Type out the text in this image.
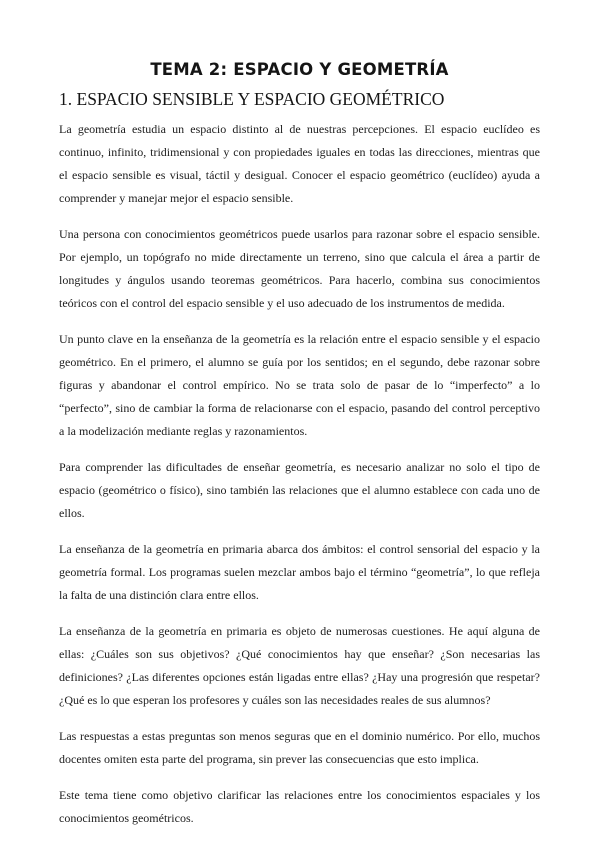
TEMA 2: ESPACIO Y GEOMETRÍA
1. ESPACIO SENSIBLE Y ESPACIO GEOMÉTRICO

La geometría estudia un espacio distinto al de nuestras percepciones. El espacio euclídeo es continuo, infinito, tridimensional y con propiedades iguales en todas las direcciones, mientras que el espacio sensible es visual, táctil y desigual. Conocer el espacio geométrico (euclídeo) ayuda a comprender y manejar mejor el espacio sensible.

Una persona con conocimientos geométricos puede usarlos para razonar sobre el espacio sensible. Por ejemplo, un topógrafo no mide directamente un terreno, sino que calcula el área a partir de longitudes y ángulos usando teoremas geométricos. Para hacerlo, combina sus conocimientos teóricos con el control del espacio sensible y el uso adecuado de los instrumentos de medida.

Un punto clave en la enseñanza de la geometría es la relación entre el espacio sensible y el espacio geométrico. En el primero, el alumno se guía por los sentidos; en el segundo, debe razonar sobre figuras y abandonar el control empírico. No se trata solo de pasar de lo “imperfecto” a lo “perfecto”, sino de cambiar la forma de relacionarse con el espacio, pasando del control perceptivo a la modelización mediante reglas y razonamientos.

Para comprender las dificultades de enseñar geometría, es necesario analizar no solo el tipo de espacio (geométrico o físico), sino también las relaciones que el alumno establece con cada uno de ellos.

La enseñanza de la geometría en primaria abarca dos ámbitos: el control sensorial del espacio y la geometría formal. Los programas suelen mezclar ambos bajo el término “geometría”, lo que refleja la falta de una distinción clara entre ellos.

La enseñanza de la geometría en primaria es objeto de numerosas cuestiones. He aquí alguna de ellas: ¿Cuáles son sus objetivos? ¿Qué conocimientos hay que enseñar? ¿Son necesarias las definiciones? ¿Las diferentes opciones están ligadas entre ellas? ¿Hay una progresión que respetar? ¿Qué es lo que esperan los profesores y cuáles son las necesidades reales de sus alumnos?

Las respuestas a estas preguntas son menos seguras que en el dominio numérico. Por ello, muchos docentes omiten esta parte del programa, sin prever las consecuencias que esto implica.

Este tema tiene como objetivo clarificar las relaciones entre los conocimientos espaciales y los conocimientos geométricos.
